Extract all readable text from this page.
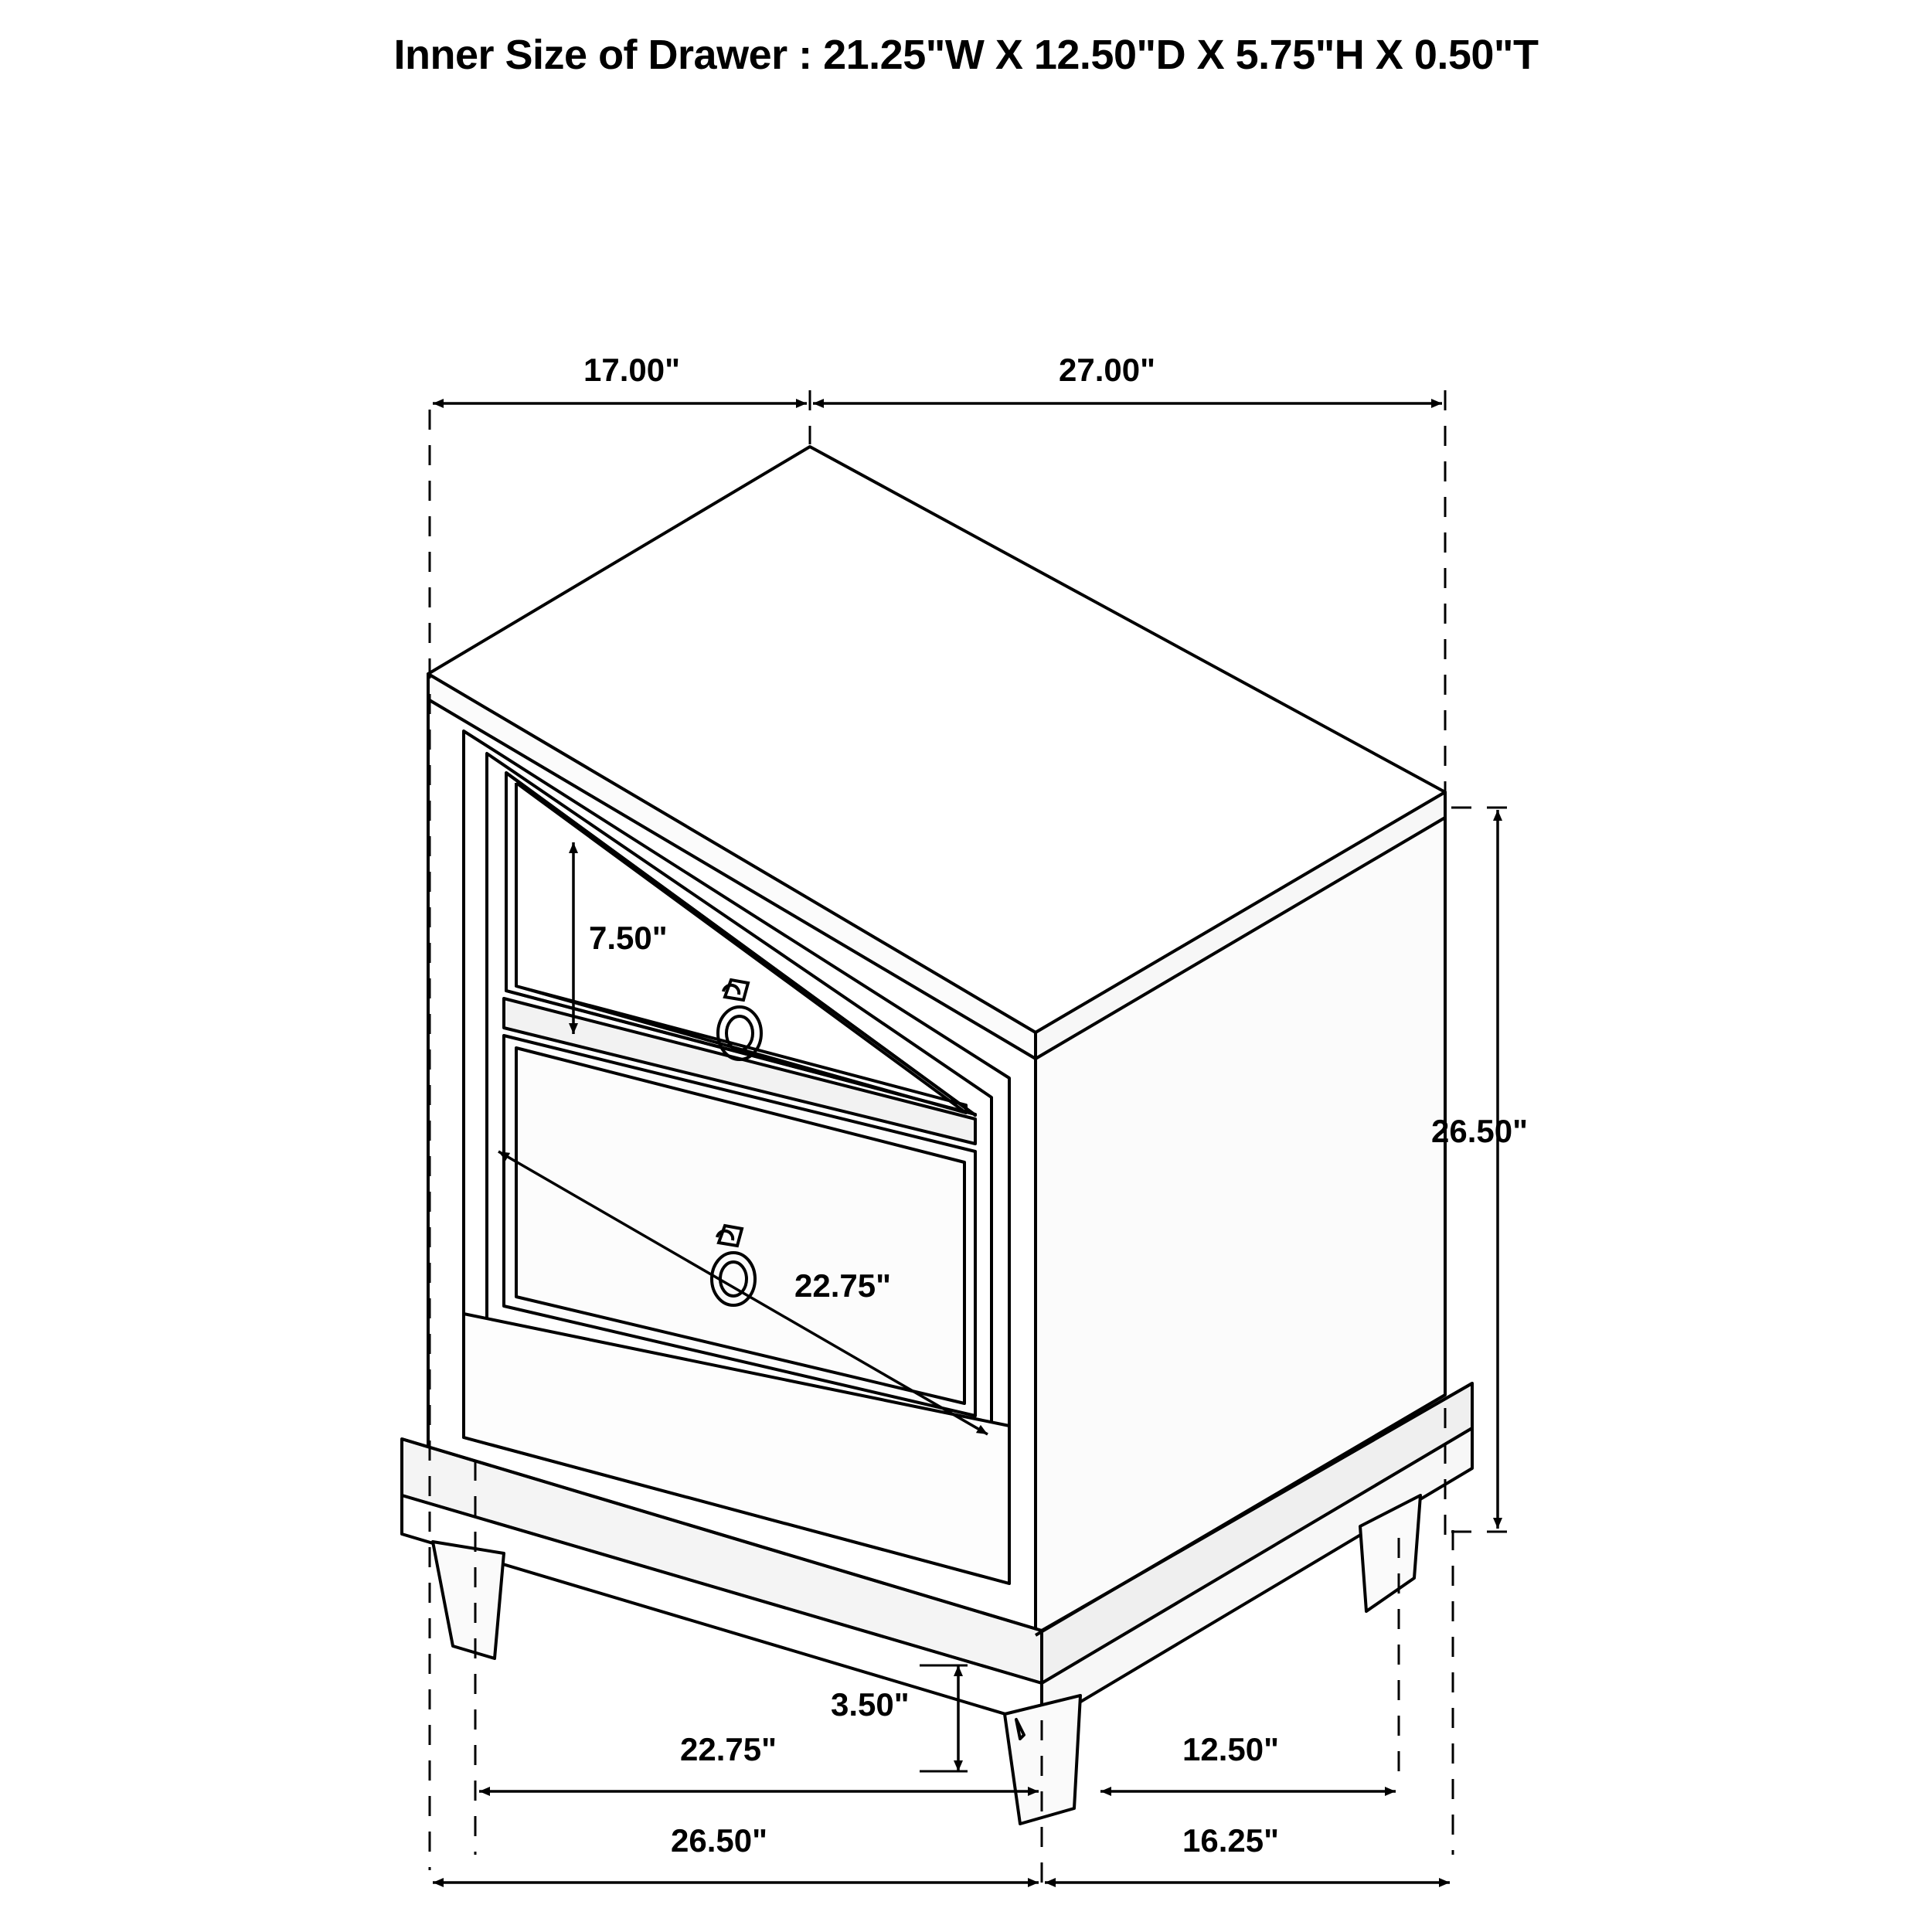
Inner Size of Drawer : 21.25"W X 12.50"D X 5.75"H X 0.50"T
17.00"	27.00"
7.50"
26.50"
22.75"
3.50"
22.75"	12.50"
26.50"	16.25"
